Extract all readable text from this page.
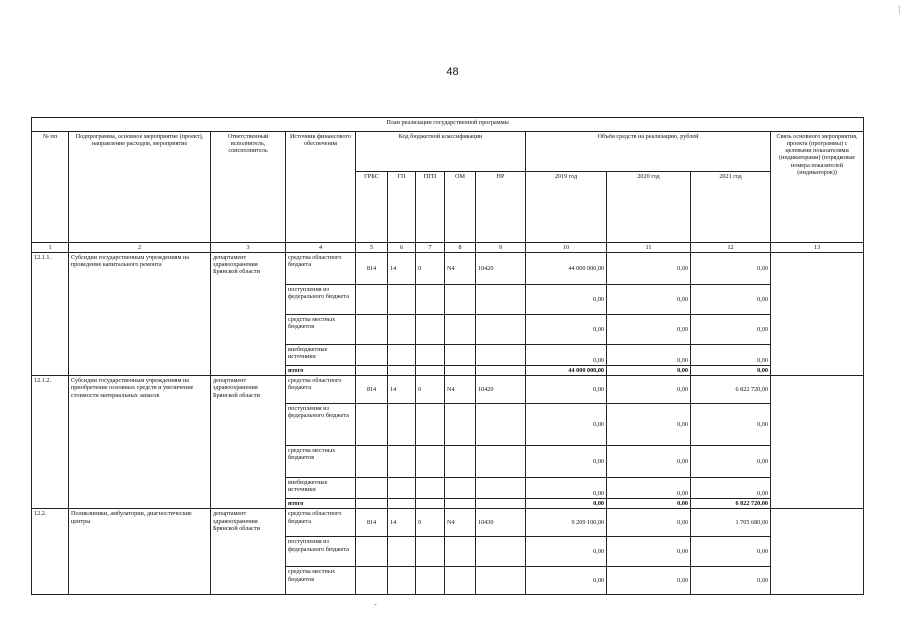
48
|
-
План реализации государственной программы												
№ пп	Подпрограмма, основное мероприятие (проект), направление расходов, мероприятие	Ответственный исполнитель, соисполнитель	Источник финансового обеспечения	Код бюджетной классификации					Объём средств на реализацию, рублей			Связь основного мероприятия, проекта (программы) с целевыми показателями (индикаторами) (порядковые номера показателей (индикаторов))
				ГРБС	ГП	ПГП	ОМ	НР	2019 год	2020 год	2021 год	
1	2	3	4	5	6	7	8	9	10	11	12	13
12.1.1.	Субсидии государственным учреждениям на проведение капитального ремонта	департамент здравоохранения Брянской области	средства областного бюджета	814	14	0	N4	10420	44 000 000,00	0,00	0,00	
			поступления из федерального бюджета						0,00	0,00	0,00	
			средства местных бюджетов						0,00	0,00	0,00	
			внебюджетные источники						0,00	0,00	0,00	
			итого						44 000 000,00	0,00	0,00	
12.1.2.	Субсидии государственным учреждениям на приобретение основных средств и увеличение стоимости материальных запасов	департамент здравоохранения Брянской области	средства областного бюджета	814	14	0	N4	10420	0,00	0,00	6 822 720,00	
			поступления из федерального бюджета						0,00	0,00	0,00	
			средства местных бюджетов						0,00	0,00	0,00	
			внебюджетные источники						0,00	0,00	0,00	
			итого						0,00	0,00	6 822 720,00	
12.2.	Поликлиники, амбулатории, диагностические центры	департамент здравоохранения Брянской области	средства областного бюджета	814	14	0	N4	10430	9 209 100,00	0,00	1 705 680,00	
			поступления из федерального бюджета						0,00	0,00	0,00	
			средства местных бюджетов						0,00	0,00	0,00	
